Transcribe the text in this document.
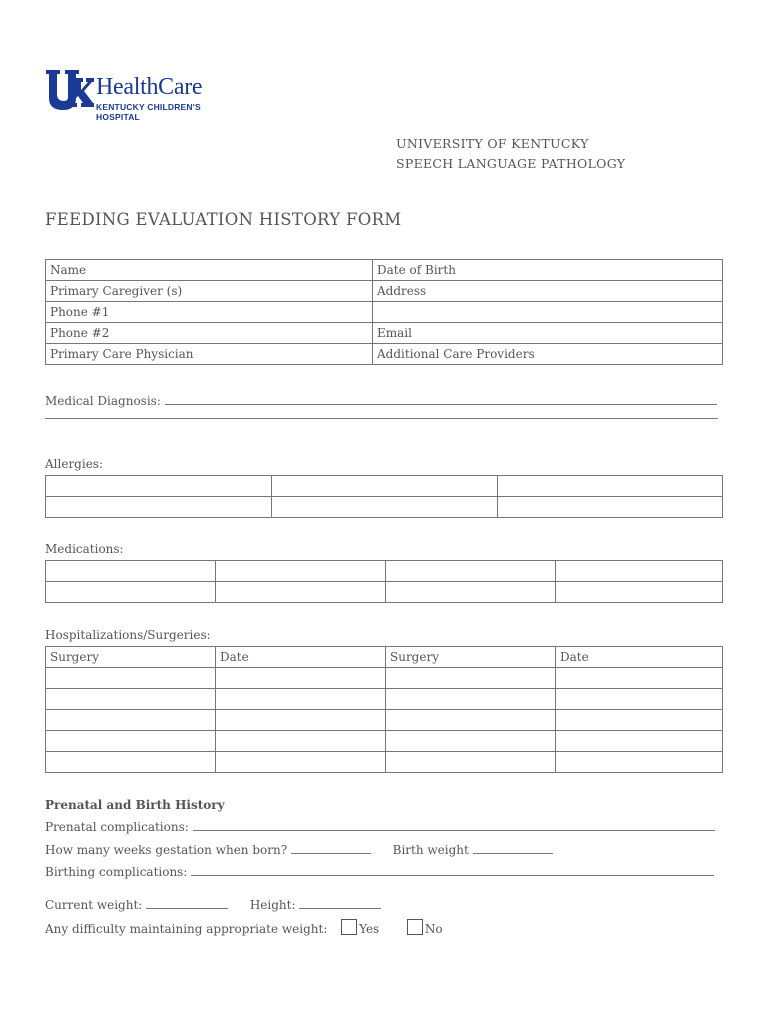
HealthCare
KENTUCKY CHILDREN'S
HOSPITAL
UNIVERSITY OF KENTUCKY
SPEECH LANGUAGE PATHOLOGY
FEEDING EVALUATION HISTORY FORM
Name	Date of Birth
Primary Caregiver (s)	Address
Phone #1	
Phone #2	Email
Primary Care Physician	Additional Care Providers
Medical Diagnosis:
Allergies:

Medications:

Hospitalizations/Surgeries:
Surgery	Date	Surgery	Date

Prenatal and Birth History
Prenatal complications:
How many weeks gestation when born?	Birth weight
Birthing complications:
Current weight:	Height:
Any difficulty maintaining appropriate weight:	Yes	No
